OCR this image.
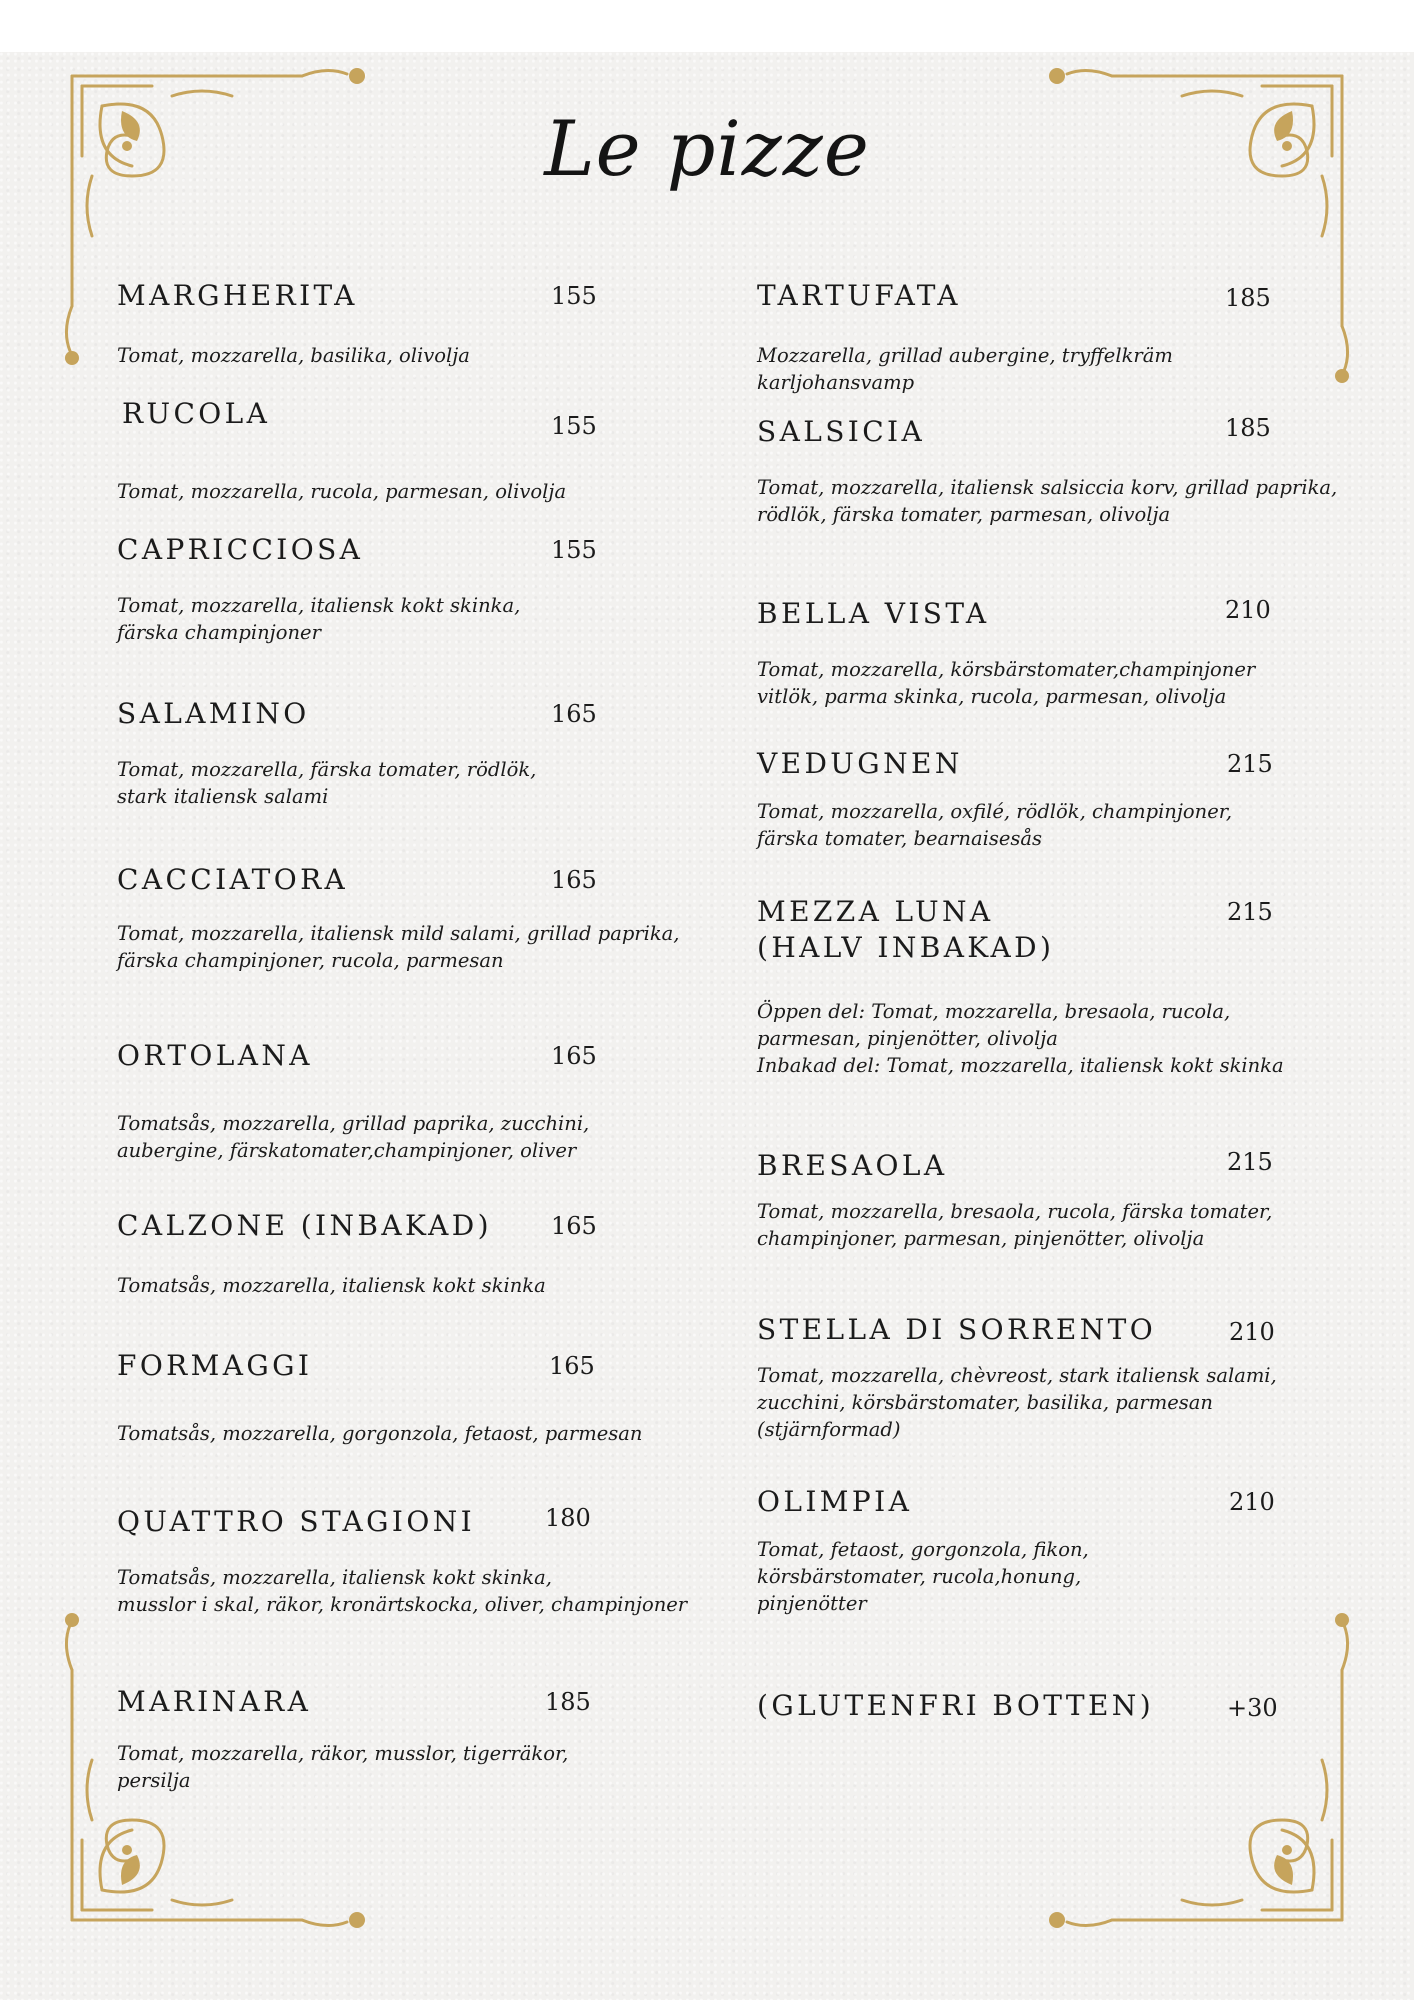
Le pizze
MARGHERITA	155
Tomat, mozzarella, basilika, olivolja
RUCOLA	155
Tomat, mozzarella, rucola, parmesan, olivolja
CAPRICCIOSA	155
Tomat, mozzarella, italiensk kokt skinka,
färska champinjoner
SALAMINO	165
Tomat, mozzarella, färska tomater, rödlök,
stark italiensk salami
CACCIATORA	165
Tomat, mozzarella, italiensk mild salami, grillad paprika,
färska champinjoner, rucola, parmesan
ORTOLANA	165
Tomatsås, mozzarella, grillad paprika, zucchini,
aubergine, färskatomater,champinjoner, oliver
CALZONE (INBAKAD) 165
Tomatsås, mozzarella, italiensk kokt skinka
FORMAGGI	165
Tomatsås, mozzarella, gorgonzola, fetaost, parmesan
QUATTRO STAGIONI	180
Tomatsås, mozzarella, italiensk kokt skinka,
musslor i skal, räkor, kronärtskocka, oliver, champinjoner
MARINARA	185
Tomat, mozzarella, räkor, musslor, tigerräkor,
persilja
TARTUFATA	185
Mozzarella, grillad aubergine, tryffelkräm
karljohansvamp
SALSICIA	185
Tomat, mozzarella, italiensk salsiccia korv, grillad paprika,
rödlök, färska tomater, parmesan, olivolja
BELLA VISTA	210
Tomat, mozzarella, körsbärstomater,champinjoner
vitlök, parma skinka, rucola, parmesan, olivolja
VEDUGNEN	215
Tomat, mozzarella, oxfilé, rödlök, champinjoner,
färska tomater, bearnaisesås
MEZZA LUNA
(HALV INBAKAD)
215
Öppen del: Tomat, mozzarella, bresaola, rucola,
parmesan, pinjenötter, olivolja
Inbakad del: Tomat, mozzarella, italiensk kokt skinka
BRESAOLA	215
Tomat, mozzarella, bresaola, rucola, färska tomater,
champinjoner, parmesan, pinjenötter, olivolja
STELLA DI SORRENTO	210
Tomat, mozzarella, chèvreost, stark italiensk salami,
zucchini, körsbärstomater, basilika, parmesan
(stjärnformad)
OLIMPIA	210
Tomat, fetaost, gorgonzola, fikon,
körsbärstomater, rucola,honung,
pinjenötter
(GLUTENFRI BOTTEN)	+30
